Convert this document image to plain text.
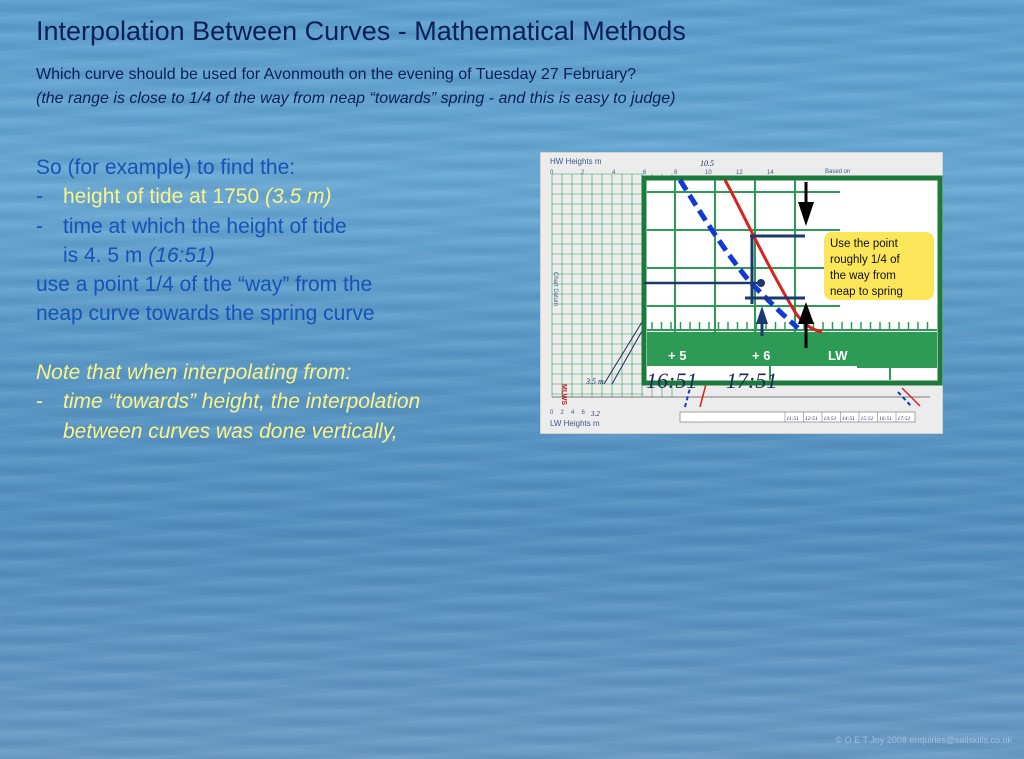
Interpolation Between Curves - Mathematical Methods
Which curve should be used for Avonmouth on the evening of Tuesday 27 February?
(the range is close to 1/4 of the way from neap “towards” spring - and this is easy to judge)
So (for example) to find the:
- height of tide at 1750 (3.5 m)
- time at which the height of tide
is 4. 5 m (16:51)
use a point 1/4 of the “way” from the
neap curve towards the spring curve
Note that when interpolating from:
- time “towards” height, the interpolation
between curves was done vertically,
HW Heights m
Based on
10.5
LW Heights m
3.5 m
3.2
Chart Datum
MLWS
0	2	4	6	8	10	12	14
0 2 4 6
11:51 12:51 13:51 14:51 15:51 16:51 17:51
+ 5	+ 6	LW
16:51 17:51
Use the point
roughly 1/4 of
the way from
neap to spring
© O E T Joy 2008 enquiries@sailskills.co.uk
